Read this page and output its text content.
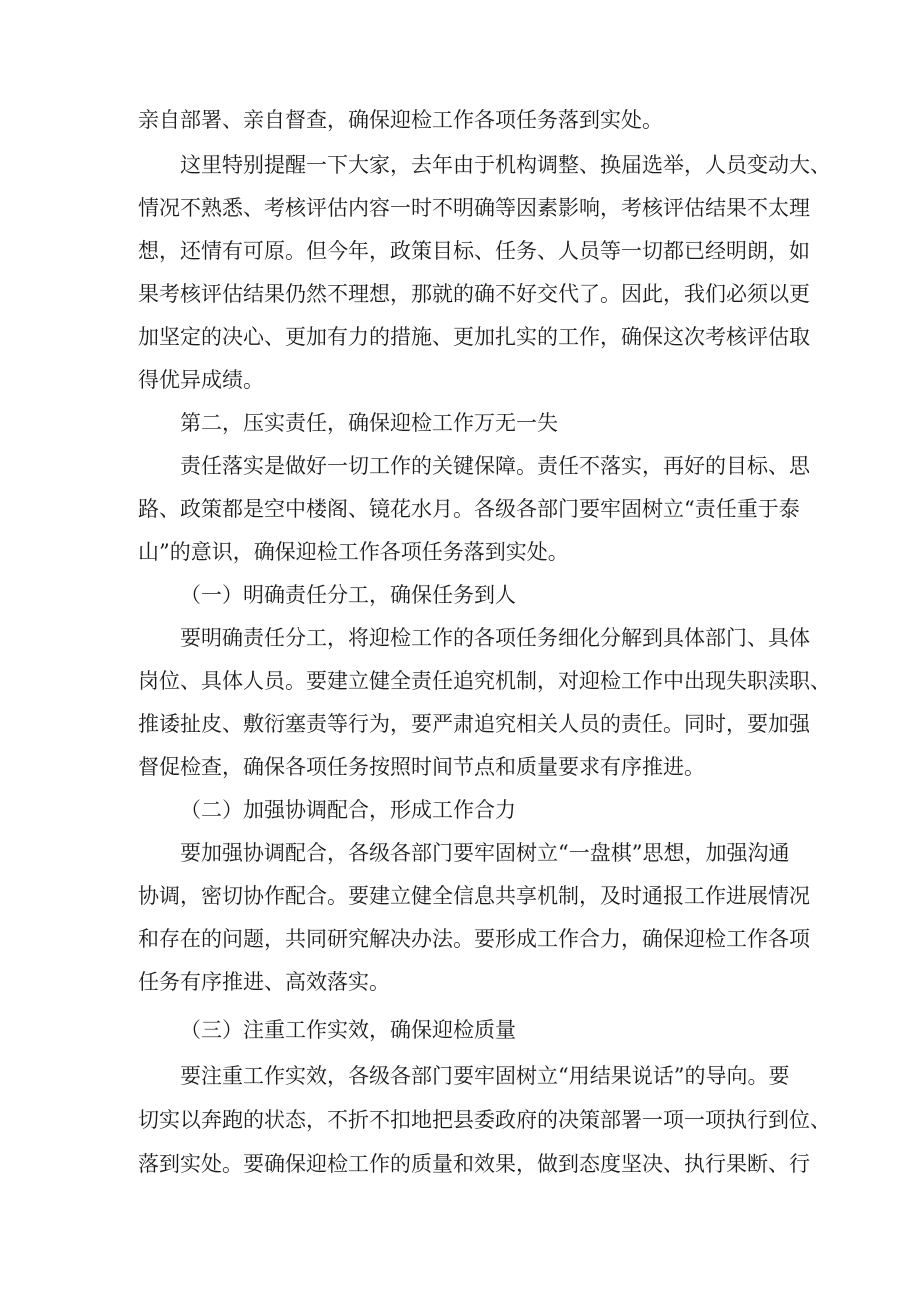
亲自部署、亲自督查，确保迎检工作各项任务落到实处。
这里特别提醒一下大家，去年由于机构调整、换届选举，人员变动大、
情况不熟悉、考核评估内容一时不明确等因素影响，考核评估结果不太理
想，还情有可原。但今年，政策目标、任务、人员等一切都已经明朗，如
果考核评估结果仍然不理想，那就的确不好交代了。因此，我们必须以更
加坚定的决心、更加有力的措施、更加扎实的工作，确保这次考核评估取
得优异成绩。
第二，压实责任，确保迎检工作万无一失
责任落实是做好一切工作的关键保障。责任不落实，再好的目标、思
路、政策都是空中楼阁、镜花水月。各级各部门要牢固树立“责任重于泰
山”的意识，确保迎检工作各项任务落到实处。
（一）明确责任分工，确保任务到人
要明确责任分工，将迎检工作的各项任务细化分解到具体部门、具体
岗位、具体人员。要建立健全责任追究机制，对迎检工作中出现失职渎职、
推诿扯皮、敷衍塞责等行为，要严肃追究相关人员的责任。同时，要加强
督促检查，确保各项任务按照时间节点和质量要求有序推进。
（二）加强协调配合，形成工作合力
要加强协调配合，各级各部门要牢固树立“一盘棋”思想，加强沟通
协调，密切协作配合。要建立健全信息共享机制，及时通报工作进展情况
和存在的问题，共同研究解决办法。要形成工作合力，确保迎检工作各项
任务有序推进、高效落实。
（三）注重工作实效，确保迎检质量
要注重工作实效，各级各部门要牢固树立“用结果说话”的导向。要
切实以奔跑的状态，不折不扣地把县委政府的决策部署一项一项执行到位、
落到实处。要确保迎检工作的质量和效果，做到态度坚决、执行果断、行
